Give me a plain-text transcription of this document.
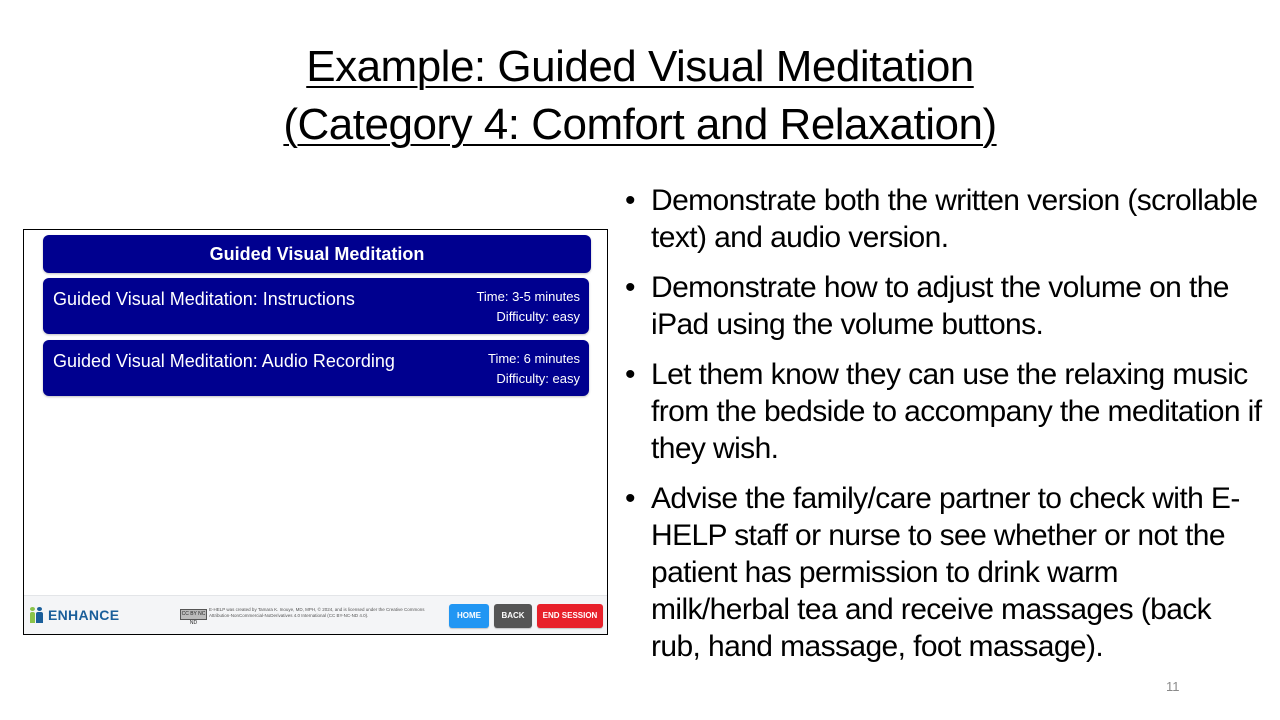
Example: Guided Visual Meditation
(Category 4: Comfort and Relaxation)
Guided Visual Meditation
Guided Visual Meditation: Instructions	Time: 3-5 minutes
Difficulty: easy
Guided Visual Meditation: Audio Recording	Time: 6 minutes
Difficulty: easy
ENHANCE	CC BY NC ND
E-HELP was created by Tamara K. Inouye, MD, MPH, © 2024, and is licensed under the Creative Commons Attribution-NonCommercial-NoDerivatives 4.0 International (CC BY-NC-ND 4.0).	HOME	BACK	END SESSION
• Demonstrate both the written version (scrollable text) and audio version.
• Demonstrate how to adjust the volume on the iPad using the volume buttons.
• Let them know they can use the relaxing music from the bedside to accompany the meditation if they wish.
• Advise the family/care partner to check with E-HELP staff or nurse to see whether or not the patient has permission to drink warm milk/herbal tea and receive massages (back rub, hand massage, foot massage).
11
